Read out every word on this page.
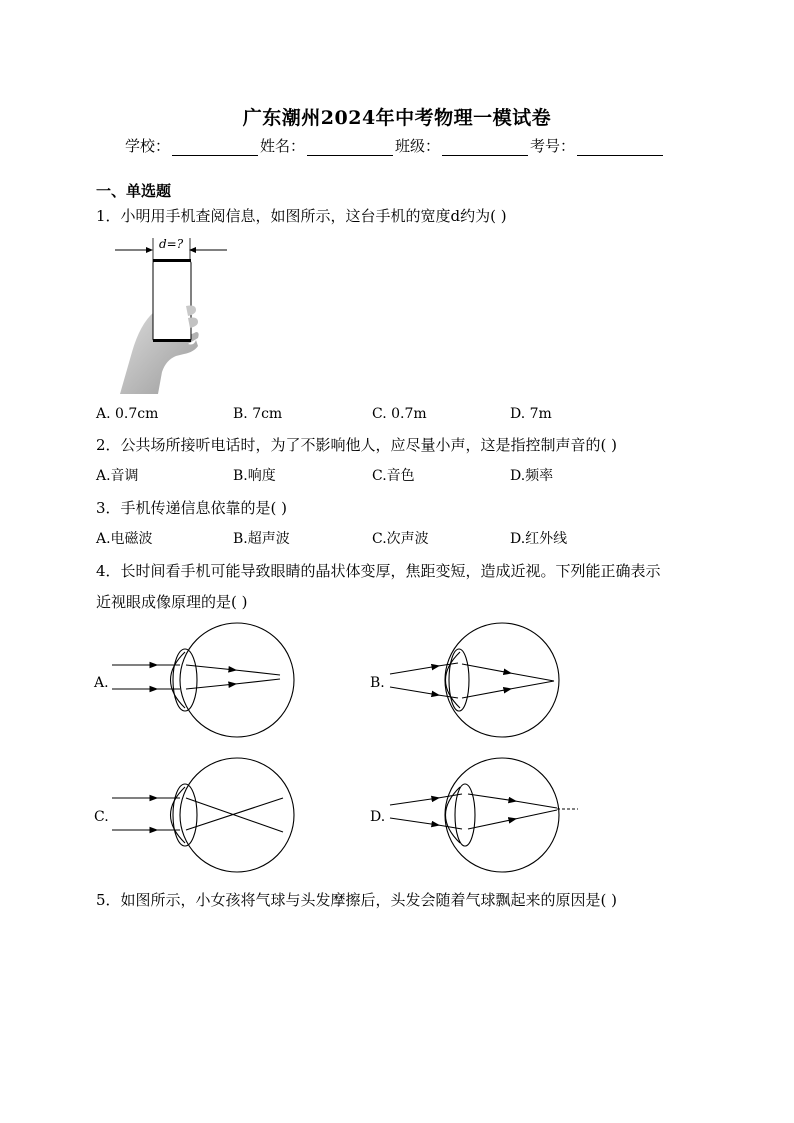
广东潮州2024年中考物理一模试卷
学校：	姓名：	班级：	考号：
一、单选题
1．小明用手机查阅信息，如图所示，这台手机的宽度d约为( )
d=?
A. 0.7cm	B. 7cm	C. 0.7m	D. 7m
2．公共场所接听电话时，为了不影响他人，应尽量小声，这是指控制声音的( )
A.音调	B.响度	C.音色	D.频率
3．手机传递信息依靠的是( )
A.电磁波	B.超声波	C.次声波	D.红外线
4．长时间看手机可能导致眼睛的晶状体变厚，焦距变短，造成近视。下列能正确表示
近视眼成像原理的是( )
A.	B.
C.	D.
5．如图所示，小女孩将气球与头发摩擦后，头发会随着气球飘起来的原因是( )
